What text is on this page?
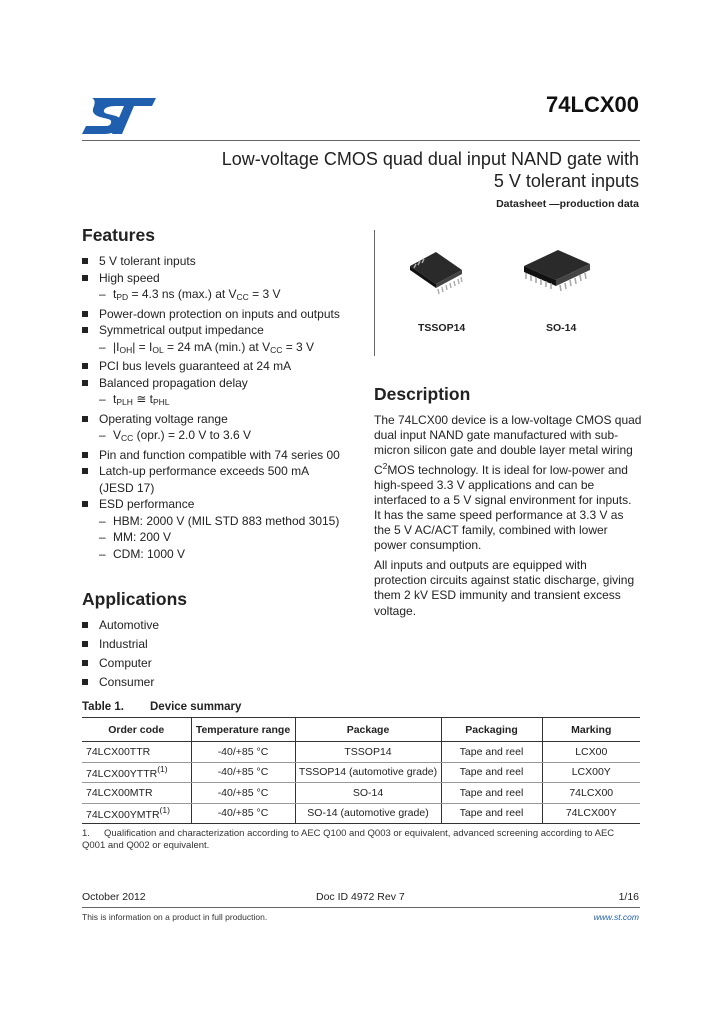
74LCX00
Low-voltage CMOS quad dual input NAND gate with
5 V tolerant inputs
Datasheet —production data
Features
5 V tolerant inputs
High speed
– $t_{PD} = 4.3$ ns (max.) at $V_{CC} = 3$ V
Power-down protection on inputs and outputs
Symmetrical output impedance
– $|I_{OH}| = I_{OL} = 24$ mA (min.) at $V_{CC} = 3$ V
PCI bus levels guaranteed at 24 mA
Balanced propagation delay
– $t_{PLH}$ ≅ $t_{PHL}$
Operating voltage range
– $V_{CC}$ (opr.) = 2.0 V to 3.6 V
Pin and function compatible with 74 series 00
Latch-up performance exceeds 500 mA
(JESD 17)
ESD performance
– HBM: 2000 V (MIL STD 883 method 3015)
– MM: 200 V
– CDM: 1000 V
TSSOP14	SO-14
Description

The 74LCX00 device is a low-voltage CMOS quad dual input NAND gate manufactured with sub-micron silicon gate and double layer metal wiring $C^2MOS$ technology. It is ideal for low-power and high-speed 3.3 V applications and can be interfaced to a 5 V signal environment for inputs.

It has the same speed performance at 3.3 V as the 5 V AC/ACT family, combined with lower power consumption.

All inputs and outputs are equipped with protection circuits against static discharge, giving them 2 kV ESD immunity and transient excess voltage.

Applications
Automotive
Industrial
Computer
Consumer
Table 1. Device summary
Order code	Temperature range	Package	Packaging	Marking
74LCX00TTR	-40/+85 °C	TSSOP14	Tape and reel	LCX00
74LCX00YTTR$^{(1)}$	-40/+85 °C	TSSOP14 (automotive grade)	Tape and reel	LCX00Y
74LCX00MTR	-40/+85 °C	SO-14	Tape and reel	74LCX00
74LCX00YMTR$^{(1)}$	-40/+85 °C	SO-14 (automotive grade)	Tape and reel	74LCX00Y
1. Qualification and characterization according to AEC Q100 and Q003 or equivalent, advanced screening according to AEC
Q001 and Q002 or equivalent.
October 2012	Doc ID 4972 Rev 7	1/16
This is information on a product in full production.	www.st.com
